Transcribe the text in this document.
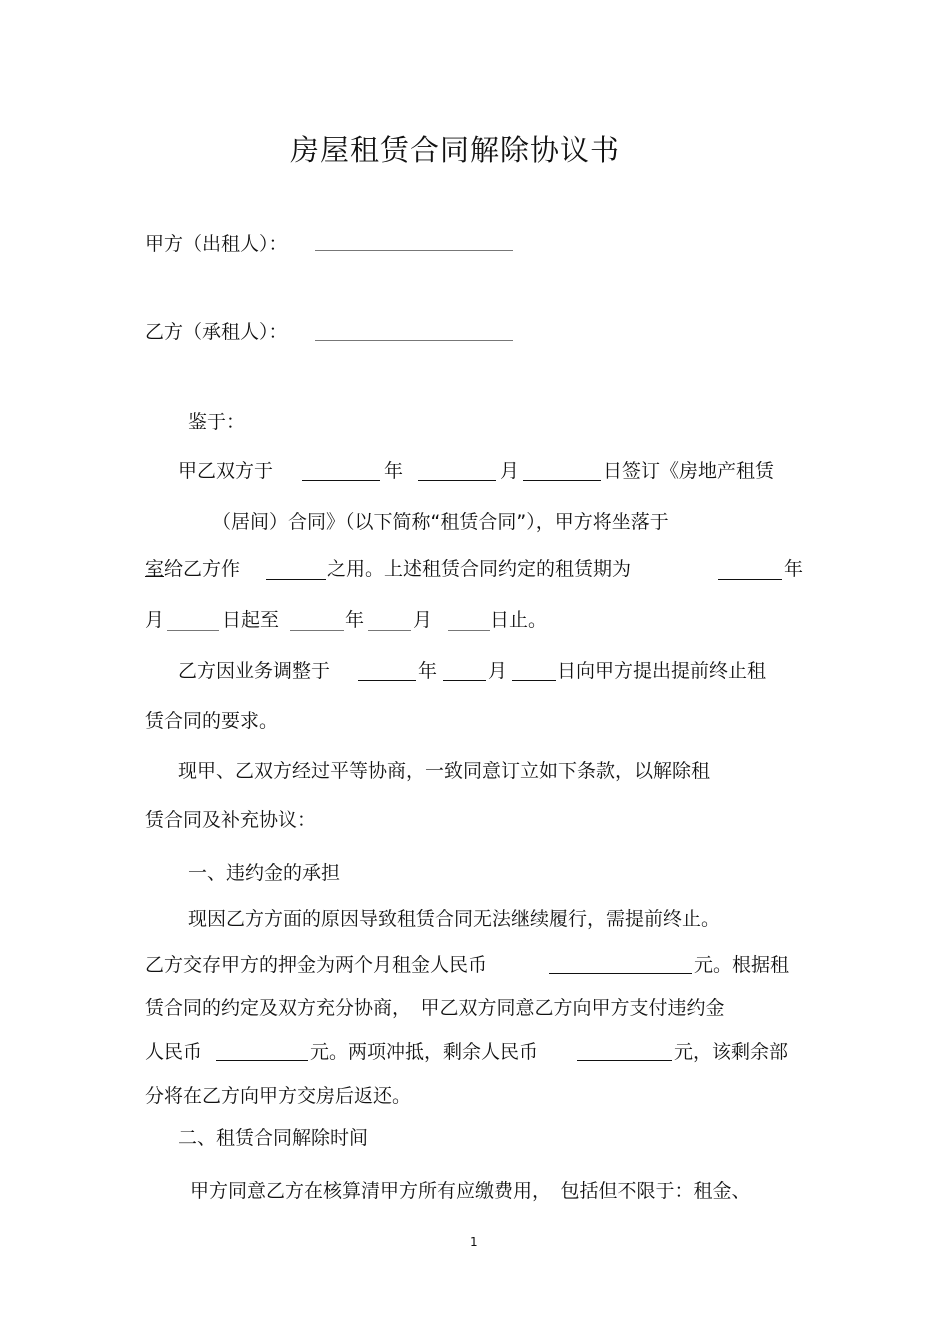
房屋租赁合同解除协议书
甲方（出租人）：
乙方（承租人）：
鉴于：
甲乙双方于	年	月	日签订《房地产租赁
（居间）合同》（以下简称“租赁合同”），甲方将坐落于
室 给乙方作	之用。上述租赁合同约定的租赁期为	年
月	日起至	年	月	日止。
乙方因业务调整于	年	月	日向甲方提出提前终止租
赁合同的要求。
现甲、乙双方经过平等协商，一致同意订立如下条款，以解除租
赁合同及补充协议：
一、违约金的承担
现因乙方方面的原因导致租赁合同无法继续履行，需提前终止。
乙方交存甲方的押金为两个月租金人民币	元。根据租
赁合同的约定及双方充分协商，　甲乙双方同意乙方向甲方支付违约金
人民币	元。两项冲抵，剩余人民币	元，该剩余部
分将在乙方向甲方交房后返还。
二、租赁合同解除时间
甲方同意乙方在核算清甲方所有应缴费用，　包括但不限于：租金、
1
